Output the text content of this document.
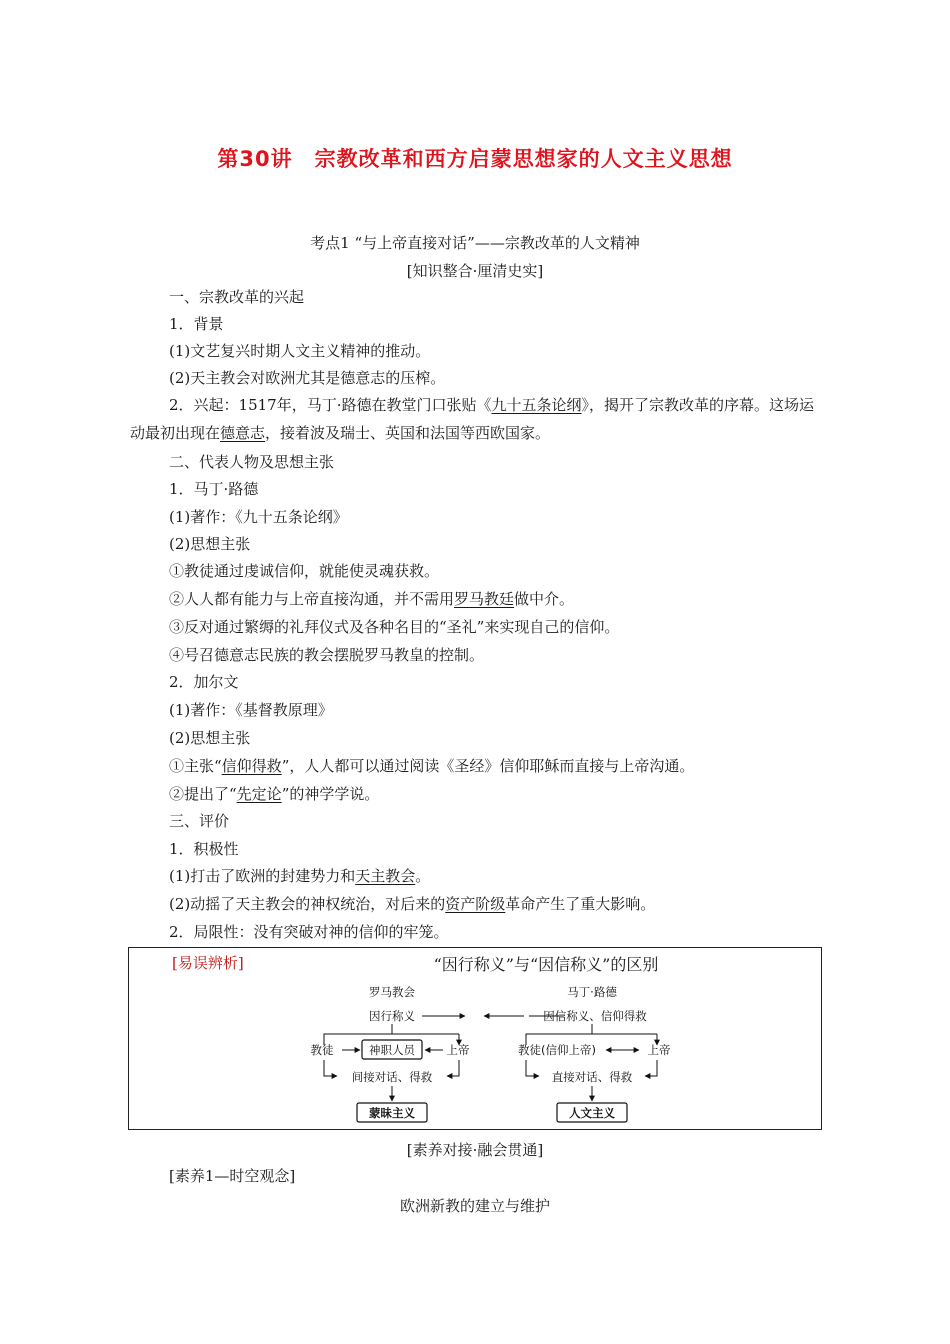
第30讲　宗教改革和西方启蒙思想家的人文主义思想
考点1 “与上帝直接对话”——宗教改革的人文精神
[知识整合·厘清史实]
一、宗教改革的兴起
1．背景
(1)文艺复兴时期人文主义精神的推动。
(2)天主教会对欧洲尤其是德意志的压榨。
2．兴起：1517年，马丁·路德在教堂门口张贴《九十五条论纲》，揭开了宗教改革的序幕。这场运动最初出现在德意志，接着波及瑞士、英国和法国等西欧国家。
二、代表人物及思想主张
1．马丁·路德
(1)著作：《九十五条论纲》
(2)思想主张
①教徒通过虔诚信仰，就能使灵魂获救。
②人人都有能力与上帝直接沟通，并不需用罗马教廷做中介。
③反对通过繁缛的礼拜仪式及各种名目的“圣礼”来实现自己的信仰。
④号召德意志民族的教会摆脱罗马教皇的控制。
2．加尔文
(1)著作：《基督教原理》
(2)思想主张
①主张“信仰得救”，人人都可以通过阅读《圣经》信仰耶稣而直接与上帝沟通。
②提出了“先定论”的神学学说。
三、评价
1．积极性
(1)打击了欧洲的封建势力和天主教会。
(2)动摇了天主教会的神权统治，对后来的资产阶级革命产生了重大影响。
2．局限性：没有突破对神的信仰的牢笼。
[易误辨析]	“因行称义”与“因信称义”的区别
罗马教会
因行称义
教徒	神职人员	上帝
间接对话、得救
蒙昧主义
马丁·路德
因信称义、信仰得救
教徒(信仰上帝)	上帝
直接对话、得救
人文主义
[素养对接·融会贯通]
[素养1—时空观念]
欧洲新教的建立与维护
